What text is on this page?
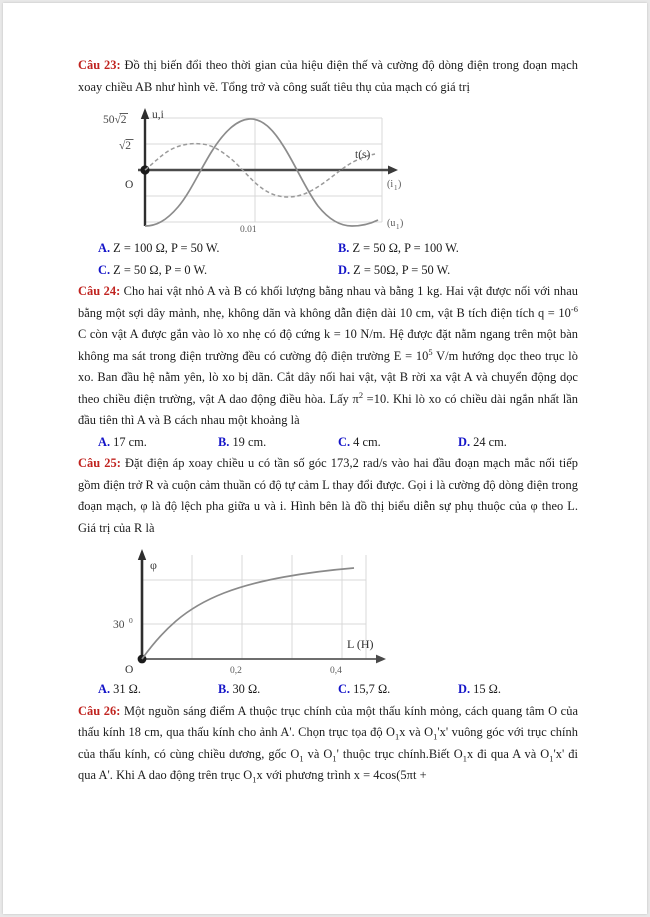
Câu 23: Đồ thị biến đổi theo thời gian của hiệu điện thế và cường độ dòng điện trong đoạn mạch xoay chiều AB như hình vẽ. Tổng trở và công suất tiêu thụ của mạch có giá trị
50√2
√2
u,i
t(s)
O
0.01
(i 1 )
(u 1 )
A. Z = 100 Ω, P = 50 W.	B. Z = 50 Ω, P = 100 W.
C. Z = 50 Ω, P = 0 W.	D. Z = 50Ω, P = 50 W.
Câu 24: Cho hai vật nhỏ A và B có khối lượng bằng nhau và bằng 1 kg. Hai vật được nối với nhau bằng một sợi dây mảnh, nhẹ, không dãn và không dẫn điện dài 10 cm, vật B tích điện tích $q = 10^{-6}$ C còn vật A được gắn vào lò xo nhẹ có độ cứng k = 10 N/m. Hệ được đặt nằm ngang trên một bàn không ma sát trong điện trường đều có cường độ điện trường $E = 10^5$ V/m hướng dọc theo trục lò xo. Ban đầu hệ nằm yên, lò xo bị dãn. Cắt dây nối hai vật, vật B rời xa vật A và chuyển động dọc theo chiều điện trường, vật A dao động điều hòa. Lấy $\pi^2 =10$. Khi lò xo có chiều dài ngắn nhất lần đầu tiên thì A và B cách nhau một khoảng là
A. 17 cm.	B. 19 cm.	C. 4 cm.	D. 24 cm.
Câu 25: Đặt điện áp xoay chiều u có tần số góc 173,2 rad/s vào hai đầu đoạn mạch mắc nối tiếp gồm điện trở R và cuộn cảm thuần có độ tự cảm L thay đổi được. Gọi i là cường độ dòng điện trong đoạn mạch, φ là độ lệch pha giữa u và i. Hình bên là đồ thị biểu diễn sự phụ thuộc của φ theo L. Giá trị của R là
φ
30 0
O	0,2	0,4
L (H)
A. 31 Ω.	B. 30 Ω.	C. 15,7 Ω.	D. 15 Ω.
Câu 26: Một nguồn sáng điểm A thuộc trục chính của một thấu kính mỏng, cách quang tâm O của thấu kính 18 cm, qua thấu kính cho ảnh A'. Chọn trục tọa độ $O_1x$ và $O_1'x'$ vuông góc với trục chính của thấu kính, có cùng chiều dương, gốc $O_1$ và $O_1'$ thuộc trục chính.Biết $O_1x$ đi qua A và $O_1'x'$ đi qua A'. Khi A dao động trên trục $O_1x$ với phương trình x = 4cos(5πt +
